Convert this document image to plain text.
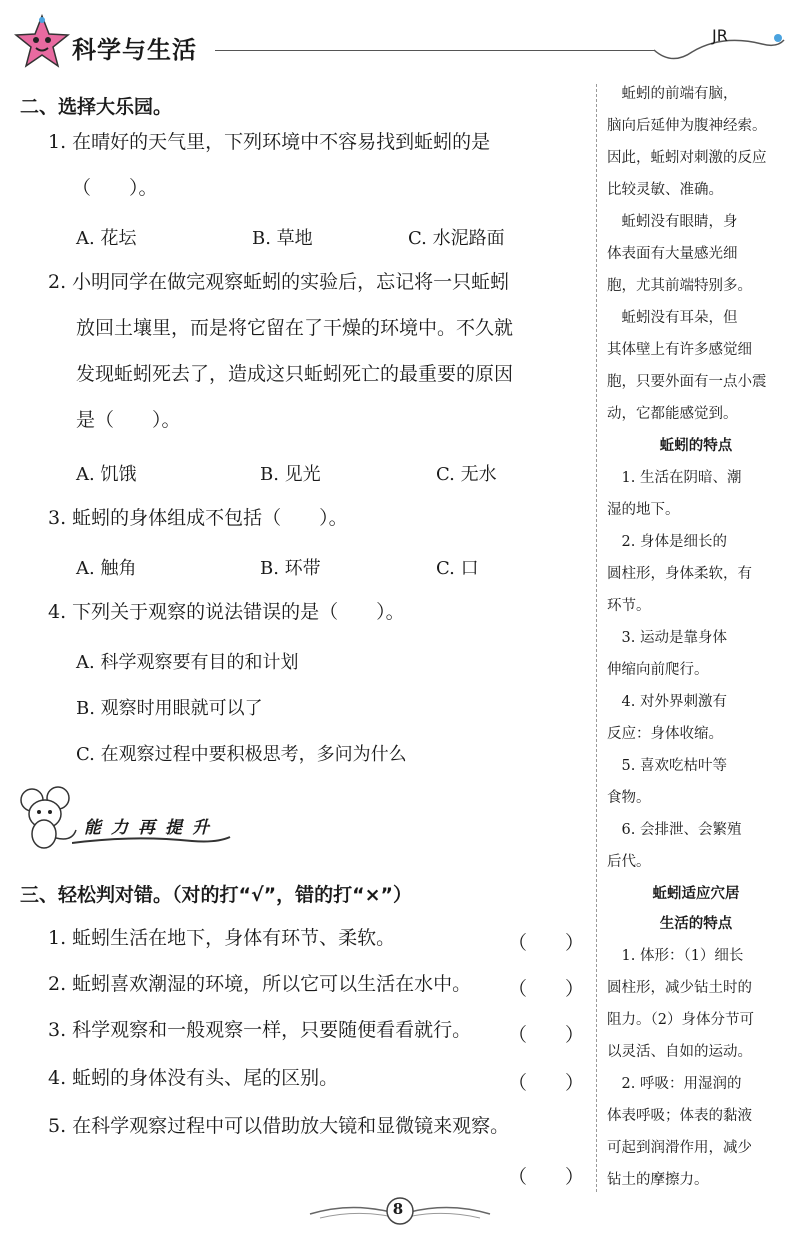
科学与生活
JR
二、选择大乐园。
1. 在晴好的天气里，下列环境中不容易找到蚯蚓的是
（　　）。
A. 花坛	B. 草地	C. 水泥路面
2. 小明同学在做完观察蚯蚓的实验后，忘记将一只蚯蚓
放回土壤里，而是将它留在了干燥的环境中。不久就
发现蚯蚓死去了，造成这只蚯蚓死亡的最重要的原因
是（　　）。
A. 饥饿	B. 见光	C. 无水
3. 蚯蚓的身体组成不包括（　　）。
A. 触角	B. 环带	C. 口
4. 下列关于观察的说法错误的是（　　）。
A. 科学观察要有目的和计划
B. 观察时用眼就可以了
C. 在观察过程中要积极思考，多问为什么
能力再提升
三、轻松判对错。（对的打“√”，错的打“×”）
1. 蚯蚓生活在地下，身体有环节、柔软。	（　　）
2. 蚯蚓喜欢潮湿的环境，所以它可以生活在水中。 （　　）
3. 科学观察和一般观察一样，只要随便看看就行。 （　　）
4. 蚯蚓的身体没有头、尾的区别。	（　　）
5. 在科学观察过程中可以借助放大镜和显微镜来观察。
（　　）
　蚯蚓的前端有脑，
脑向后延伸为腹神经索。
因此，蚯蚓对刺激的反应
比较灵敏、准确。
　蚯蚓没有眼睛，身
体表面有大量感光细
胞，尤其前端特别多。
　蚯蚓没有耳朵，但
其体壁上有许多感觉细
胞，只要外面有一点小震
动，它都能感觉到。
蚯蚓的特点
　1. 生活在阴暗、潮
湿的地下。
　2. 身体是细长的
圆柱形，身体柔软，有
环节。
　3. 运动是靠身体
伸缩向前爬行。
　4. 对外界刺激有
反应：身体收缩。
　5. 喜欢吃枯叶等
食物。
　6. 会排泄、会繁殖
后代。
蚯蚓适应穴居
生活的特点
　1. 体形：（1）细长
圆柱形，减少钻土时的
阻力。（2）身体分节可
以灵活、自如的运动。
　2. 呼吸：用湿润的
体表呼吸；体表的黏液
可起到润滑作用，减少
钻土的摩擦力。
8
